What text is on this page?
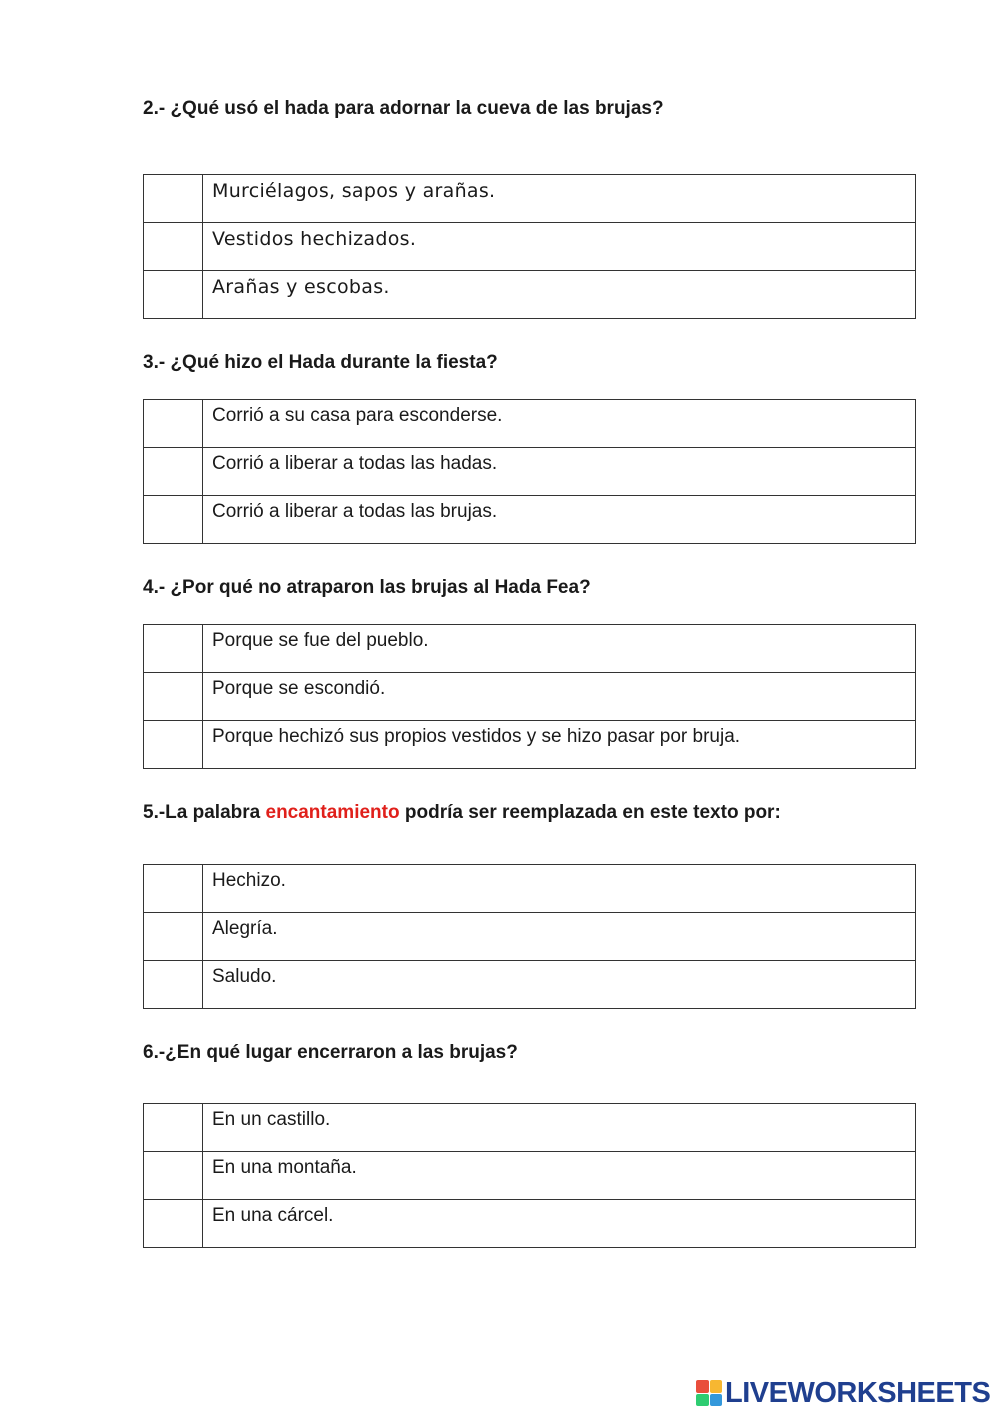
2.- ¿Qué usó el hada para adornar la cueva de las brujas?
	Murciélagos, sapos y arañas.
	Vestidos hechizados.
	Arañas y escobas.
3.- ¿Qué hizo el Hada durante la fiesta?
	Corrió a su casa para esconderse.
	Corrió a liberar a todas las hadas.
	Corrió a liberar a todas las brujas.
4.- ¿Por qué no atraparon las brujas al Hada Fea?
	Porque se fue del pueblo.
	Porque se escondió.
	Porque hechizó sus propios vestidos y se hizo pasar por bruja.
5.-La palabra encantamiento podría ser reemplazada en este texto por:
	Hechizo.
	Alegría.
	Saludo.
6.-¿En qué lugar encerraron a las brujas?
	En un castillo.
	En una montaña.
	En una cárcel.
LIVEWORKSHEETS
